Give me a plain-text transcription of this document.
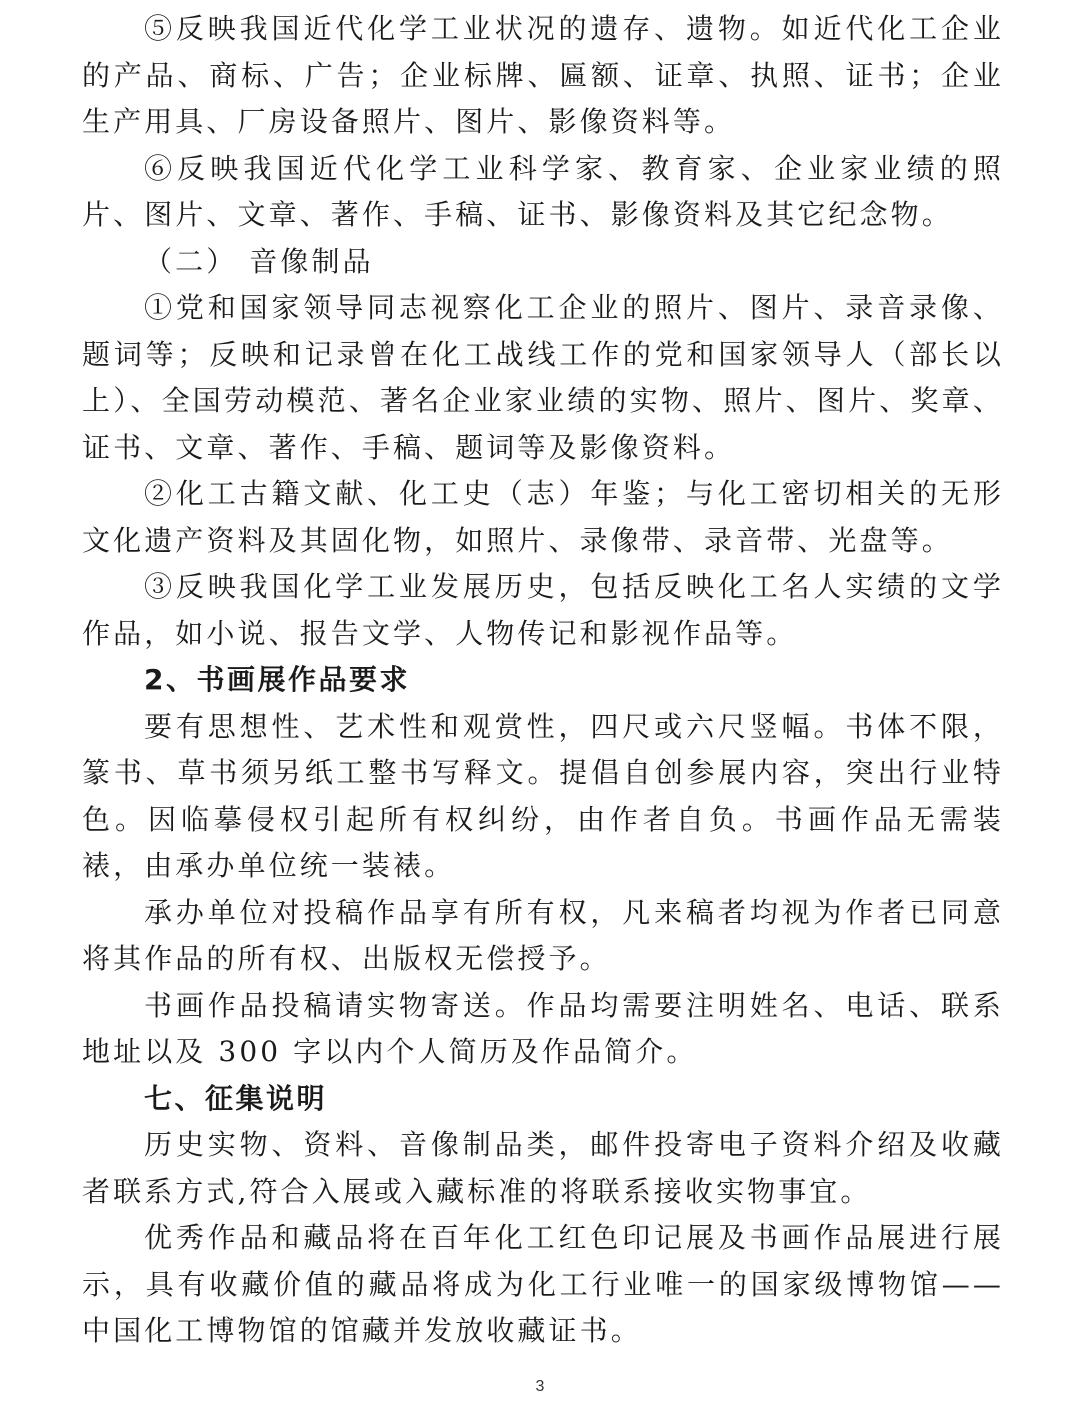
⑤反映我国近代化学工业状况的遗存、遗物。如近代化工企业的产品、商标、广告；企业标牌、匾额、证章、执照、证书；企业生产用具、厂房设备照片、图片、影像资料等。

⑥反映我国近代化学工业科学家、教育家、企业家业绩的照片、图片、文章、著作、手稿、证书、影像资料及其它纪念物。

（二） 音像制品

①党和国家领导同志视察化工企业的照片、图片、录音录像、题词等；反映和记录曾在化工战线工作的党和国家领导人（部长以上）、全国劳动模范、著名企业家业绩的实物、照片、图片、奖章、证书、文章、著作、手稿、题词等及影像资料。

②化工古籍文献、化工史（志）年鉴；与化工密切相关的无形文化遗产资料及其固化物，如照片、录像带、录音带、光盘等。

③反映我国化学工业发展历史，包括反映化工名人实绩的文学作品，如小说、报告文学、人物传记和影视作品等。

2、书画展作品要求

要有思想性、艺术性和观赏性，四尺或六尺竖幅。书体不限，篆书、草书须另纸工整书写释文。提倡自创参展内容，突出行业特色。因临摹侵权引起所有权纠纷，由作者自负。书画作品无需装裱，由承办单位统一装裱。

承办单位对投稿作品享有所有权，凡来稿者均视为作者已同意将其作品的所有权、出版权无偿授予。

书画作品投稿请实物寄送。作品均需要注明姓名、电话、联系地址以及 300 字以内个人简历及作品简介。

七、征集说明

历史实物、资料、音像制品类，邮件投寄电子资料介绍及收藏者联系方式,符合入展或入藏标准的将联系接收实物事宜。

优秀作品和藏品将在百年化工红色印记展及书画作品展进行展示，具有收藏价值的藏品将成为化工行业唯一的国家级博物馆——中国化工博物馆的馆藏并发放收藏证书。

3
